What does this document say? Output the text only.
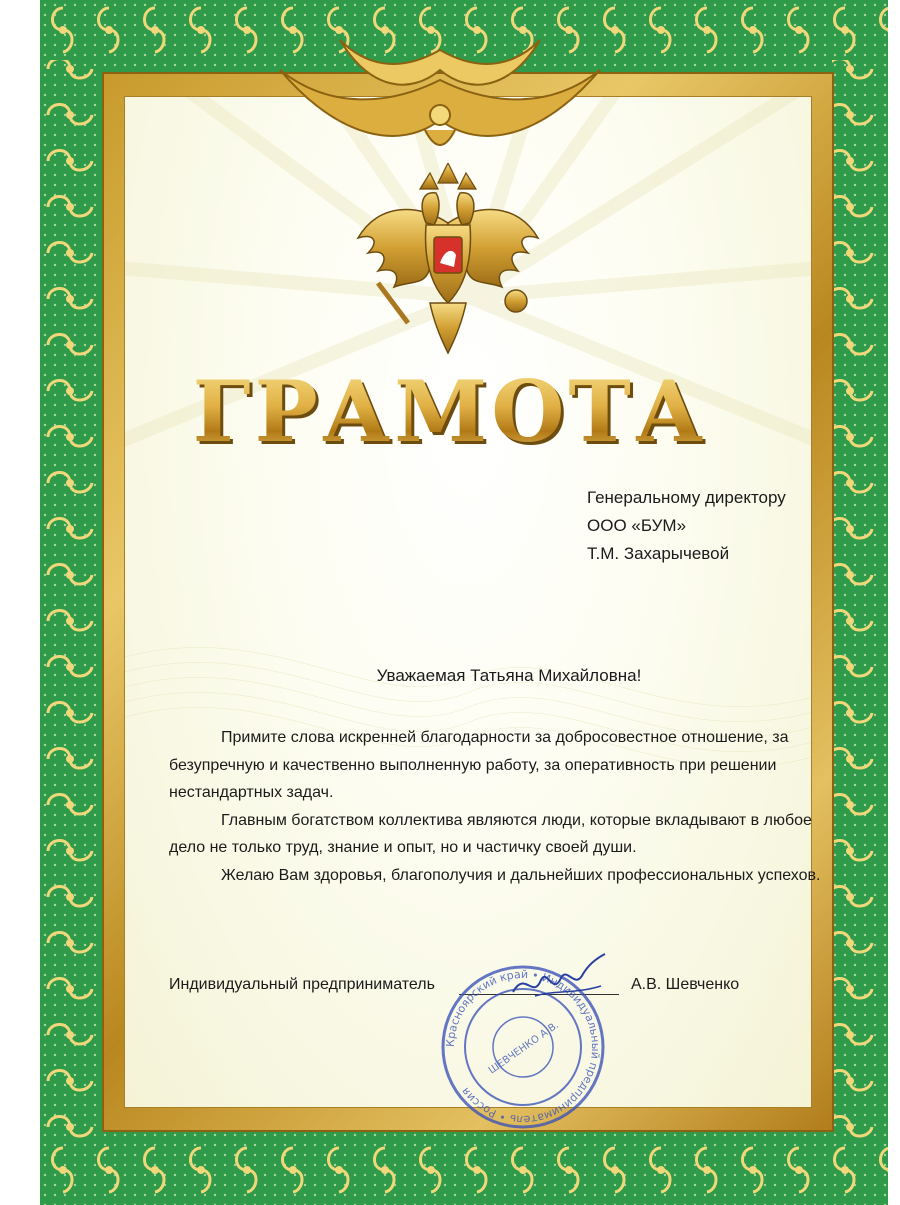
ГРАМОТА
Генеральному директору
ООО «БУМ»
Т.М. Захарычевой
Уважаемая Татьяна Михайловна!

Примите слова искренней благодарности за добросовестное отношение, за безупречную и качественно выполненную работу, за оперативность при решении нестандартных задач.

Главным богатством коллектива являются люди, которые вкладывают в любое дело не только труд, знание и опыт, но и частичку своей души.

Желаю Вам здоровья, благополучия и дальнейших профессиональных успехов.

Индивидуальный предприниматель	А.В. Шевченко
Красноярский край • Индивидуальный предприниматель • Россия
ШЕВЧЕНКО А.В.
